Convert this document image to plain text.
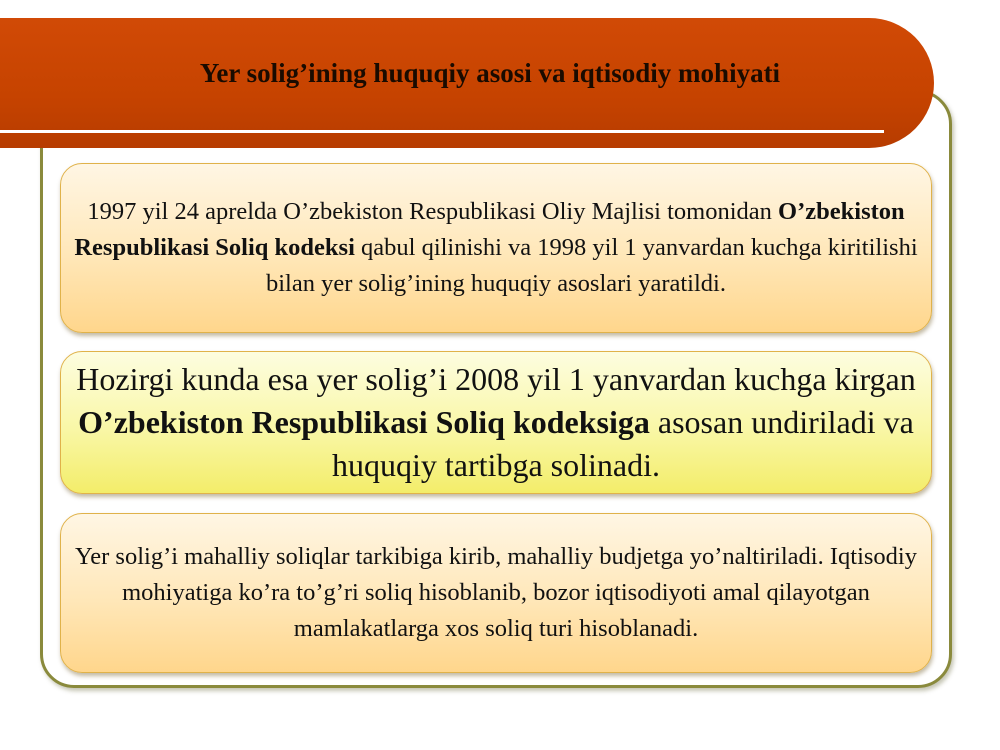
Yer solig’ining huquqiy asosi va iqtisodiy mohiyati

1997 yil 24 aprelda O’zbekiston Respublikasi Oliy Majlisi tomonidan O’zbekiston Respublikasi Soliq kodeksi qabul qilinishi va 1998 yil 1 yanvardan kuchga kiritilishi bilan yer solig’ining huquqiy asoslari yaratildi.

Hozirgi kunda esa yer solig’i 2008 yil 1 yanvardan kuchga kirgan O’zbekiston Respublikasi Soliq kodeksiga asosan undiriladi va huquqiy tartibga solinadi.

Yer solig’i mahalliy soliqlar tarkibiga kirib, mahalliy budjetga yo’naltiriladi. Iqtisodiy mohiyatiga ko’ra to’g’ri soliq hisoblanib, bozor iqtisodiyoti amal qilayotgan mamlakatlarga xos soliq turi hisoblanadi.
